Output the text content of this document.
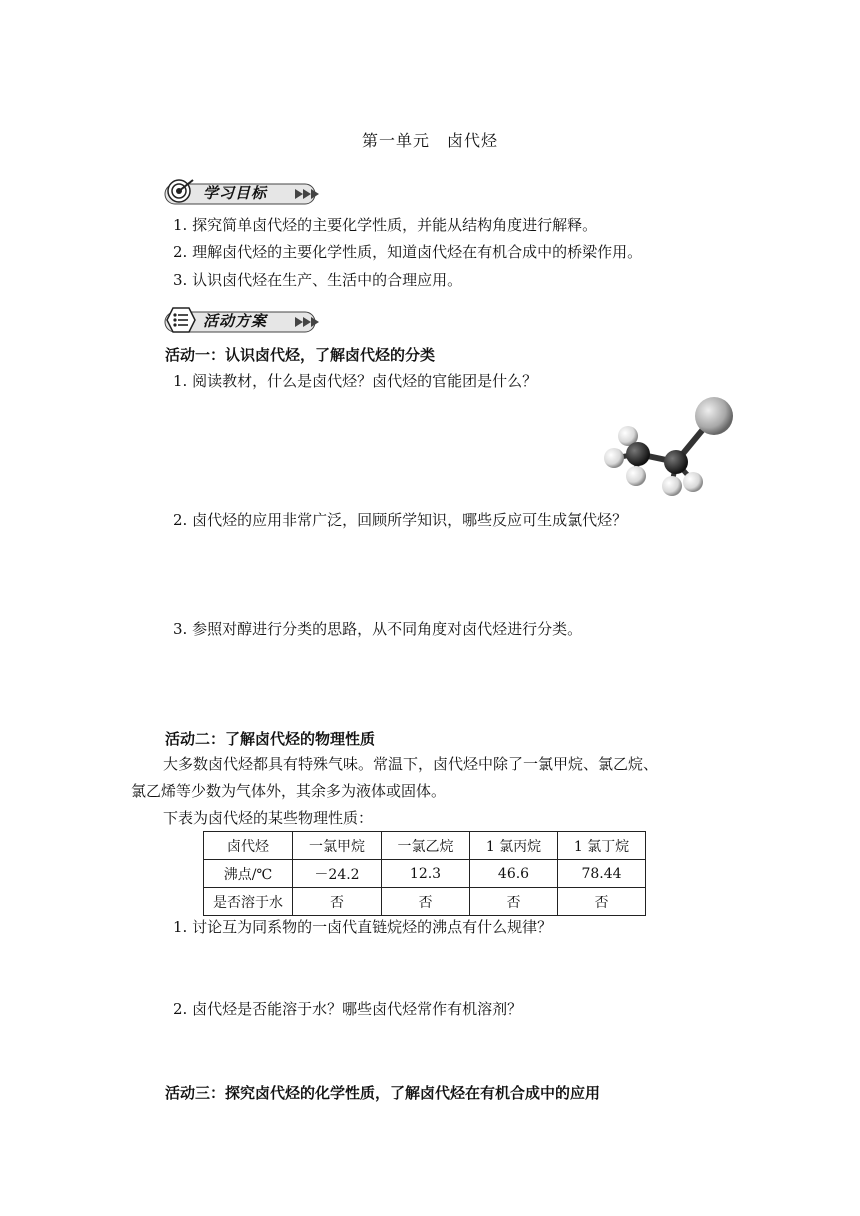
第一单元　卤代烃
学习目标
1. 探究简单卤代烃的主要化学性质，并能从结构角度进行解释。
2. 理解卤代烃的主要化学性质，知道卤代烃在有机合成中的桥梁作用。
3. 认识卤代烃在生产、生活中的合理应用。
活动方案
活动一：认识卤代烃，了解卤代烃的分类
1. 阅读教材，什么是卤代烃？卤代烃的官能团是什么？
2. 卤代烃的应用非常广泛，回顾所学知识，哪些反应可生成氯代烃？
3. 参照对醇进行分类的思路，从不同角度对卤代烃进行分类。
活动二：了解卤代烃的物理性质
大多数卤代烃都具有特殊气味。常温下，卤代烃中除了一氯甲烷、氯乙烷、
氯乙烯等少数为气体外，其余多为液体或固体。
下表为卤代烃的某些物理性质：
卤代烃	一氯甲烷	一氯乙烷	1 氯丙烷	1 氯丁烷
沸点/℃	－24.2	12.3	46.6	78.44
是否溶于水	否	否	否	否
1. 讨论互为同系物的一卤代直链烷烃的沸点有什么规律？
2. 卤代烃是否能溶于水？哪些卤代烃常作有机溶剂？
活动三：探究卤代烃的化学性质，了解卤代烃在有机合成中的应用
